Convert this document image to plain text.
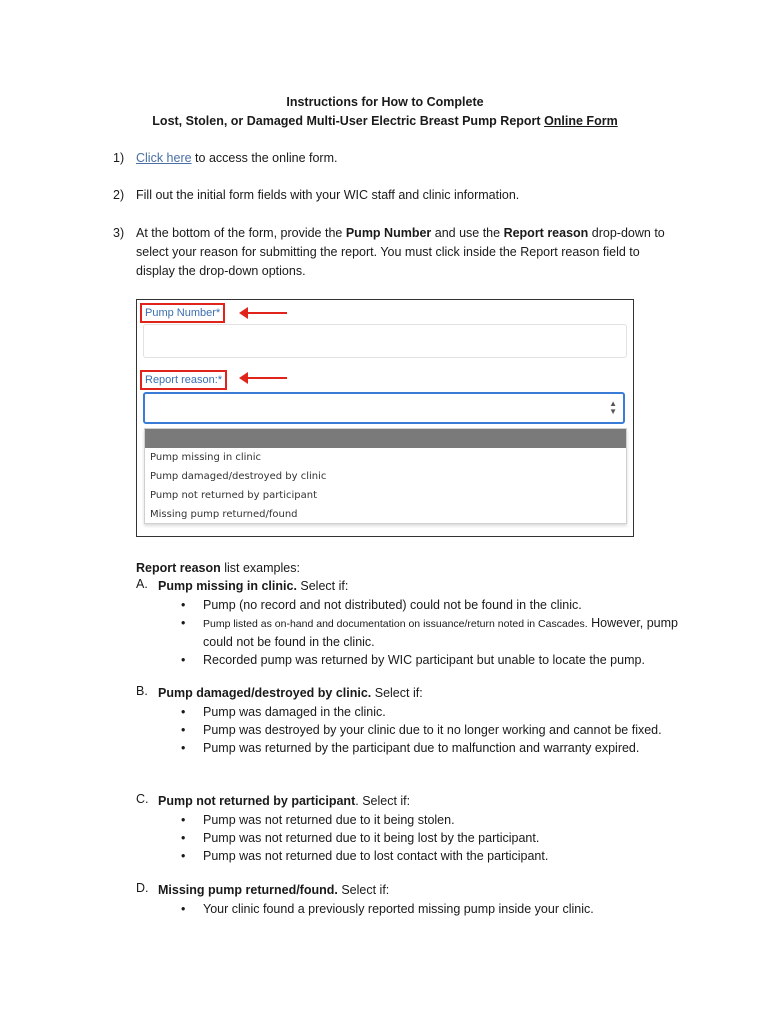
Instructions for How to Complete
Lost, Stolen, or Damaged Multi-User Electric Breast Pump Report Online Form
1) Click here to access the online form.
2) Fill out the initial form fields with your WIC staff and clinic information.
3) At the bottom of the form, provide the Pump Number and use the Report reason drop-down to select your reason for submitting the report. You must click inside the Report reason field to display the drop-down options.
Pump Number*
Report reason:*
▲
▼
Pump missing in clinic
Pump damaged/destroyed by clinic
Pump not returned by participant
Missing pump returned/found
Report reason list examples:
A. Pump missing in clinic. Select if:
• Pump (no record and not distributed) could not be found in the clinic.
• Pump listed as on-hand and documentation on issuance/return noted in Cascades. However, pump could not be found in the clinic.
• Recorded pump was returned by WIC participant but unable to locate the pump.
B. Pump damaged/destroyed by clinic. Select if:
• Pump was damaged in the clinic.
• Pump was destroyed by your clinic due to it no longer working and cannot be fixed.
• Pump was returned by the participant due to malfunction and warranty expired.
C. Pump not returned by participant. Select if:
• Pump was not returned due to it being stolen.
• Pump was not returned due to it being lost by the participant.
• Pump was not returned due to lost contact with the participant.
D. Missing pump returned/found. Select if:
• Your clinic found a previously reported missing pump inside your clinic.
